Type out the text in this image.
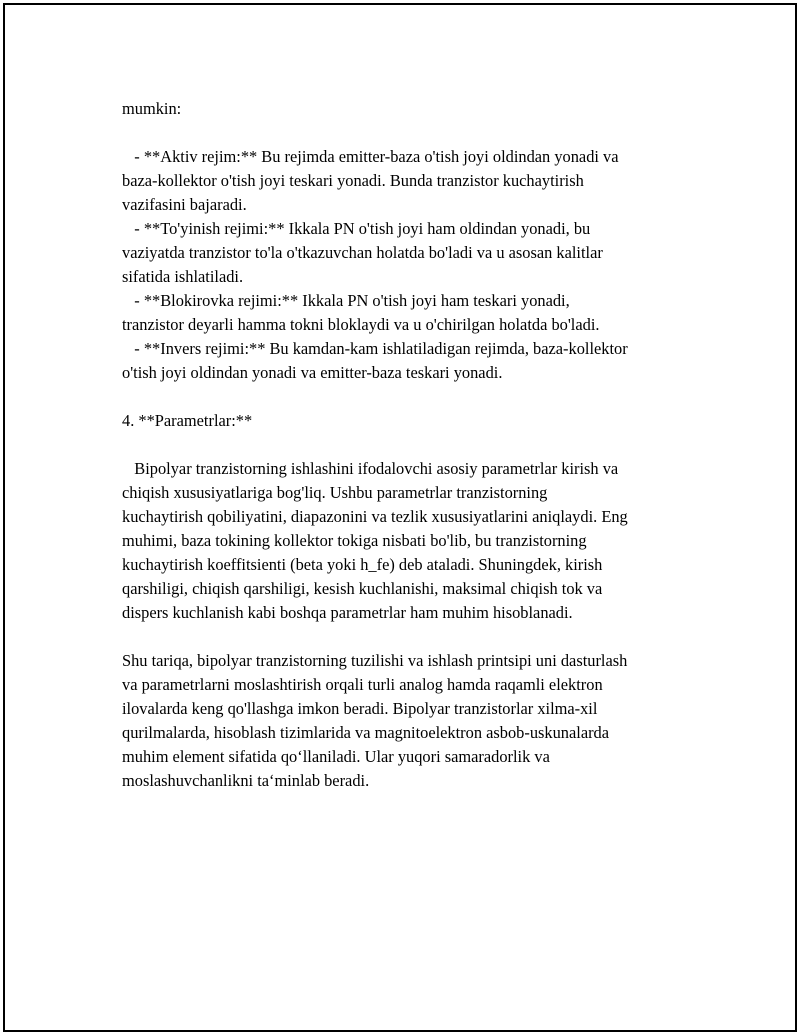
mumkin:
- **Aktiv rejim:** Bu rejimda emitter-baza o'tish joyi oldindan yonadi va
baza-kollektor o'tish joyi teskari yonadi. Bunda tranzistor kuchaytirish
vazifasini bajaradi.
- **To'yinish rejimi:** Ikkala PN o'tish joyi ham oldindan yonadi, bu
vaziyatda tranzistor to'la o'tkazuvchan holatda bo'ladi va u asosan kalitlar
sifatida ishlatiladi.
- **Blokirovka rejimi:** Ikkala PN o'tish joyi ham teskari yonadi,
tranzistor deyarli hamma tokni bloklaydi va u o'chirilgan holatda bo'ladi.
- **Invers rejimi:** Bu kamdan-kam ishlatiladigan rejimda, baza-kollektor
o'tish joyi oldindan yonadi va emitter-baza teskari yonadi.
4. **Parametrlar:**
Bipolyar tranzistorning ishlashini ifodalovchi asosiy parametrlar kirish va
chiqish xususiyatlariga bog'liq. Ushbu parametrlar tranzistorning
kuchaytirish qobiliyatini, diapazonini va tezlik xususiyatlarini aniqlaydi. Eng
muhimi, baza tokining kollektor tokiga nisbati bo'lib, bu tranzistorning
kuchaytirish koeffitsienti (beta yoki h_fe) deb ataladi. Shuningdek, kirish
qarshiligi, chiqish qarshiligi, kesish kuchlanishi, maksimal chiqish tok va
dispers kuchlanish kabi boshqa parametrlar ham muhim hisoblanadi.
Shu tariqa, bipolyar tranzistorning tuzilishi va ishlash printsipi uni dasturlash
va parametrlarni moslashtirish orqali turli analog hamda raqamli elektron
ilovalarda keng qo'llashga imkon beradi. Bipolyar tranzistorlar xilma-xil
qurilmalarda, hisoblash tizimlarida va magnitoelektron asbob-uskunalarda
muhim element sifatida qo‘llaniladi. Ular yuqori samaradorlik va
moslashuvchanlikni ta‘minlab beradi.
